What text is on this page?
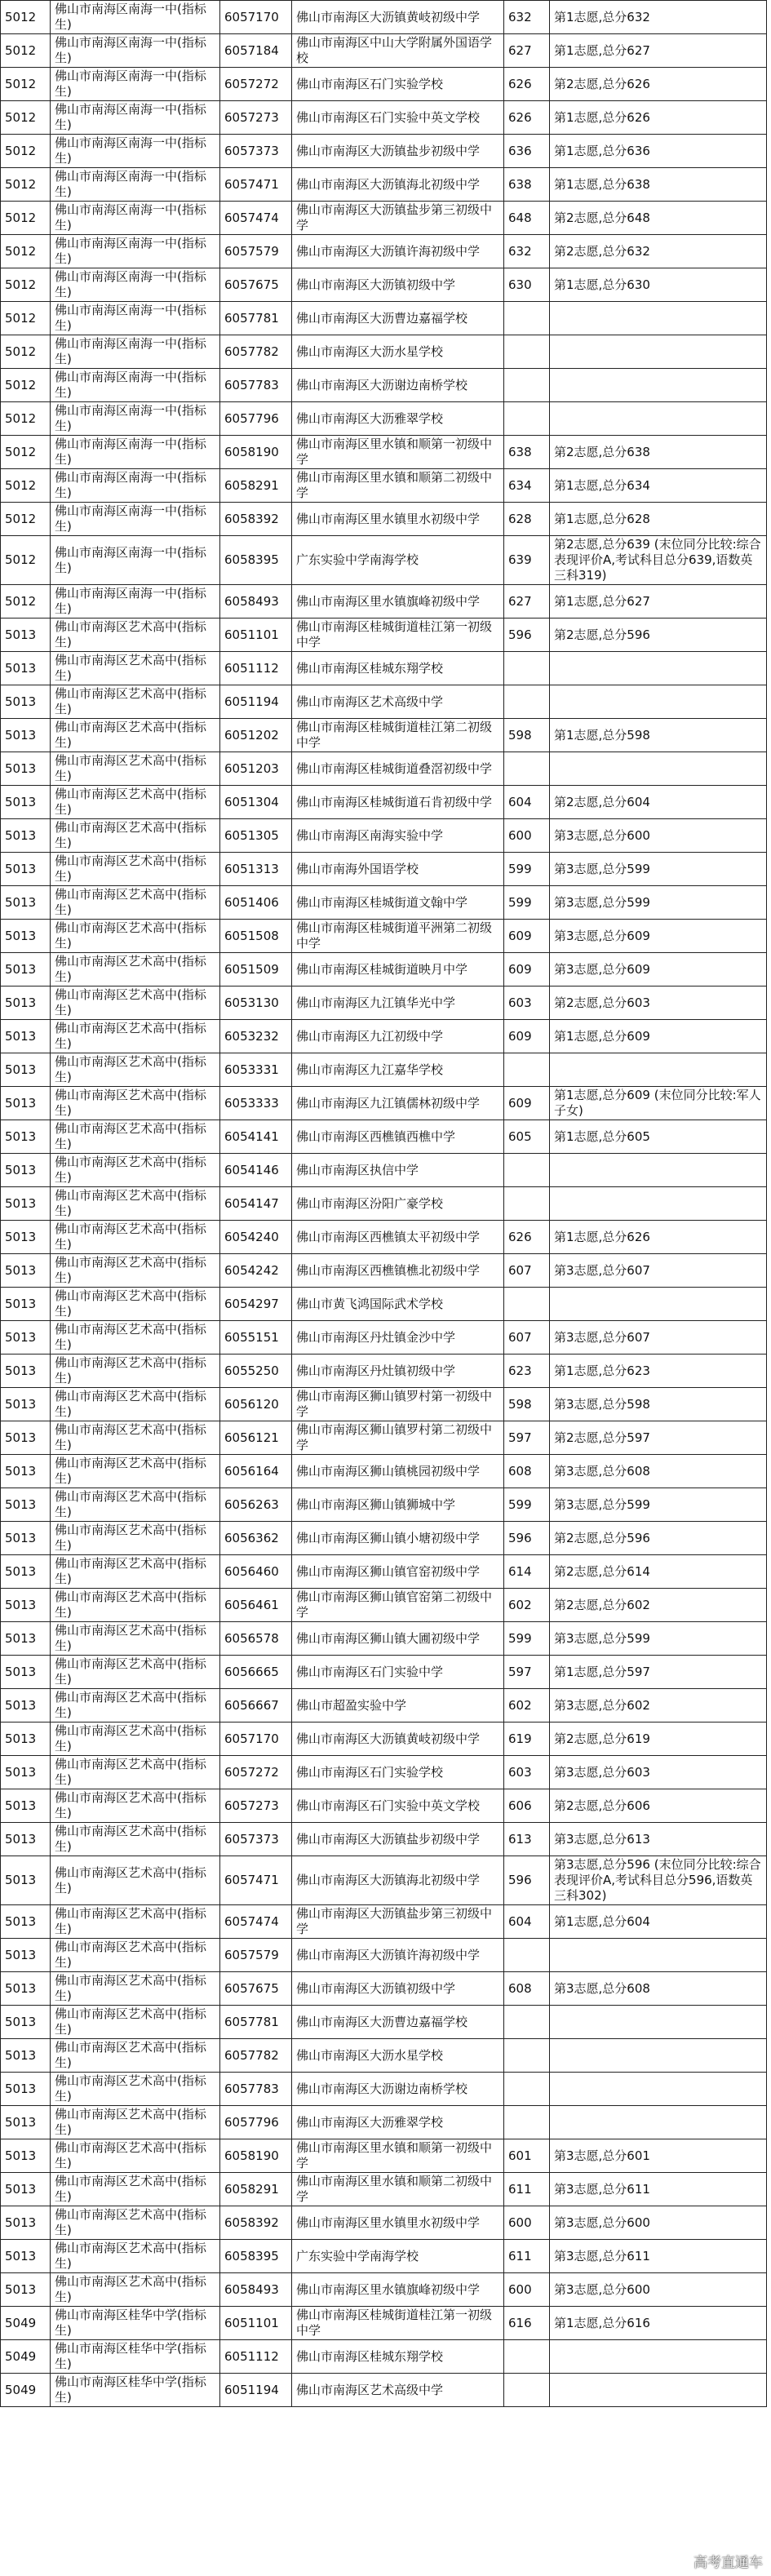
5012	佛山市南海区南海一中(指标生)	6057170	佛山市南海区大沥镇黄岐初级中学	632	第1志愿,总分632
5012	佛山市南海区南海一中(指标生)	6057184	佛山市南海区中山大学附属外国语学校	627	第1志愿,总分627
5012	佛山市南海区南海一中(指标生)	6057272	佛山市南海区石门实验学校	626	第2志愿,总分626
5012	佛山市南海区南海一中(指标生)	6057273	佛山市南海区石门实验中英文学校	626	第1志愿,总分626
5012	佛山市南海区南海一中(指标生)	6057373	佛山市南海区大沥镇盐步初级中学	636	第1志愿,总分636
5012	佛山市南海区南海一中(指标生)	6057471	佛山市南海区大沥镇海北初级中学	638	第1志愿,总分638
5012	佛山市南海区南海一中(指标生)	6057474	佛山市南海区大沥镇盐步第三初级中学	648	第2志愿,总分648
5012	佛山市南海区南海一中(指标生)	6057579	佛山市南海区大沥镇许海初级中学	632	第2志愿,总分632
5012	佛山市南海区南海一中(指标生)	6057675	佛山市南海区大沥镇初级中学	630	第1志愿,总分630
5012	佛山市南海区南海一中(指标生)	6057781	佛山市南海区大沥曹边嘉福学校		
5012	佛山市南海区南海一中(指标生)	6057782	佛山市南海区大沥水星学校		
5012	佛山市南海区南海一中(指标生)	6057783	佛山市南海区大沥谢边南桥学校		
5012	佛山市南海区南海一中(指标生)	6057796	佛山市南海区大沥雅翠学校		
5012	佛山市南海区南海一中(指标生)	6058190	佛山市南海区里水镇和顺第一初级中学	638	第2志愿,总分638
5012	佛山市南海区南海一中(指标生)	6058291	佛山市南海区里水镇和顺第二初级中学	634	第1志愿,总分634
5012	佛山市南海区南海一中(指标生)	6058392	佛山市南海区里水镇里水初级中学	628	第1志愿,总分628
5012	佛山市南海区南海一中(指标生)	6058395	广东实验中学南海学校	639	第2志愿,总分639 (末位同分比较:综合表现评价A,考试科目总分639,语数英三科319)
5012	佛山市南海区南海一中(指标生)	6058493	佛山市南海区里水镇旗峰初级中学	627	第1志愿,总分627
5013	佛山市南海区艺术高中(指标生)	6051101	佛山市南海区桂城街道桂江第一初级中学	596	第2志愿,总分596
5013	佛山市南海区艺术高中(指标生)	6051112	佛山市南海区桂城东翔学校		
5013	佛山市南海区艺术高中(指标生)	6051194	佛山市南海区艺术高级中学		
5013	佛山市南海区艺术高中(指标生)	6051202	佛山市南海区桂城街道桂江第二初级中学	598	第1志愿,总分598
5013	佛山市南海区艺术高中(指标生)	6051203	佛山市南海区桂城街道叠滘初级中学		
5013	佛山市南海区艺术高中(指标生)	6051304	佛山市南海区桂城街道石肯初级中学	604	第2志愿,总分604
5013	佛山市南海区艺术高中(指标生)	6051305	佛山市南海区南海实验中学	600	第3志愿,总分600
5013	佛山市南海区艺术高中(指标生)	6051313	佛山市南海外国语学校	599	第3志愿,总分599
5013	佛山市南海区艺术高中(指标生)	6051406	佛山市南海区桂城街道文翰中学	599	第3志愿,总分599
5013	佛山市南海区艺术高中(指标生)	6051508	佛山市南海区桂城街道平洲第二初级中学	609	第3志愿,总分609
5013	佛山市南海区艺术高中(指标生)	6051509	佛山市南海区桂城街道映月中学	609	第3志愿,总分609
5013	佛山市南海区艺术高中(指标生)	6053130	佛山市南海区九江镇华光中学	603	第2志愿,总分603
5013	佛山市南海区艺术高中(指标生)	6053232	佛山市南海区九江初级中学	609	第1志愿,总分609
5013	佛山市南海区艺术高中(指标生)	6053331	佛山市南海区九江嘉华学校		
5013	佛山市南海区艺术高中(指标生)	6053333	佛山市南海区九江镇儒林初级中学	609	第1志愿,总分609 (末位同分比较:军人子女)
5013	佛山市南海区艺术高中(指标生)	6054141	佛山市南海区西樵镇西樵中学	605	第1志愿,总分605
5013	佛山市南海区艺术高中(指标生)	6054146	佛山市南海区执信中学		
5013	佛山市南海区艺术高中(指标生)	6054147	佛山市南海区汾阳广豪学校		
5013	佛山市南海区艺术高中(指标生)	6054240	佛山市南海区西樵镇太平初级中学	626	第1志愿,总分626
5013	佛山市南海区艺术高中(指标生)	6054242	佛山市南海区西樵镇樵北初级中学	607	第3志愿,总分607
5013	佛山市南海区艺术高中(指标生)	6054297	佛山市黄飞鸿国际武术学校		
5013	佛山市南海区艺术高中(指标生)	6055151	佛山市南海区丹灶镇金沙中学	607	第3志愿,总分607
5013	佛山市南海区艺术高中(指标生)	6055250	佛山市南海区丹灶镇初级中学	623	第1志愿,总分623
5013	佛山市南海区艺术高中(指标生)	6056120	佛山市南海区狮山镇罗村第一初级中学	598	第3志愿,总分598
5013	佛山市南海区艺术高中(指标生)	6056121	佛山市南海区狮山镇罗村第二初级中学	597	第2志愿,总分597
5013	佛山市南海区艺术高中(指标生)	6056164	佛山市南海区狮山镇桃园初级中学	608	第3志愿,总分608
5013	佛山市南海区艺术高中(指标生)	6056263	佛山市南海区狮山镇狮城中学	599	第3志愿,总分599
5013	佛山市南海区艺术高中(指标生)	6056362	佛山市南海区狮山镇小塘初级中学	596	第2志愿,总分596
5013	佛山市南海区艺术高中(指标生)	6056460	佛山市南海区狮山镇官窑初级中学	614	第2志愿,总分614
5013	佛山市南海区艺术高中(指标生)	6056461	佛山市南海区狮山镇官窑第二初级中学	602	第2志愿,总分602
5013	佛山市南海区艺术高中(指标生)	6056578	佛山市南海区狮山镇大圃初级中学	599	第3志愿,总分599
5013	佛山市南海区艺术高中(指标生)	6056665	佛山市南海区石门实验中学	597	第1志愿,总分597
5013	佛山市南海区艺术高中(指标生)	6056667	佛山市超盈实验中学	602	第3志愿,总分602
5013	佛山市南海区艺术高中(指标生)	6057170	佛山市南海区大沥镇黄岐初级中学	619	第2志愿,总分619
5013	佛山市南海区艺术高中(指标生)	6057272	佛山市南海区石门实验学校	603	第3志愿,总分603
5013	佛山市南海区艺术高中(指标生)	6057273	佛山市南海区石门实验中英文学校	606	第2志愿,总分606
5013	佛山市南海区艺术高中(指标生)	6057373	佛山市南海区大沥镇盐步初级中学	613	第3志愿,总分613
5013	佛山市南海区艺术高中(指标生)	6057471	佛山市南海区大沥镇海北初级中学	596	第3志愿,总分596 (末位同分比较:综合表现评价A,考试科目总分596,语数英三科302)
5013	佛山市南海区艺术高中(指标生)	6057474	佛山市南海区大沥镇盐步第三初级中学	604	第1志愿,总分604
5013	佛山市南海区艺术高中(指标生)	6057579	佛山市南海区大沥镇许海初级中学		
5013	佛山市南海区艺术高中(指标生)	6057675	佛山市南海区大沥镇初级中学	608	第3志愿,总分608
5013	佛山市南海区艺术高中(指标生)	6057781	佛山市南海区大沥曹边嘉福学校		
5013	佛山市南海区艺术高中(指标生)	6057782	佛山市南海区大沥水星学校		
5013	佛山市南海区艺术高中(指标生)	6057783	佛山市南海区大沥谢边南桥学校		
5013	佛山市南海区艺术高中(指标生)	6057796	佛山市南海区大沥雅翠学校		
5013	佛山市南海区艺术高中(指标生)	6058190	佛山市南海区里水镇和顺第一初级中学	601	第3志愿,总分601
5013	佛山市南海区艺术高中(指标生)	6058291	佛山市南海区里水镇和顺第二初级中学	611	第3志愿,总分611
5013	佛山市南海区艺术高中(指标生)	6058392	佛山市南海区里水镇里水初级中学	600	第3志愿,总分600
5013	佛山市南海区艺术高中(指标生)	6058395	广东实验中学南海学校	611	第3志愿,总分611
5013	佛山市南海区艺术高中(指标生)	6058493	佛山市南海区里水镇旗峰初级中学	600	第3志愿,总分600
5049	佛山市南海区桂华中学(指标生)	6051101	佛山市南海区桂城街道桂江第一初级中学	616	第1志愿,总分616
5049	佛山市南海区桂华中学(指标生)	6051112	佛山市南海区桂城东翔学校		
5049	佛山市南海区桂华中学(指标生)	6051194	佛山市南海区艺术高级中学		
高考直通车
